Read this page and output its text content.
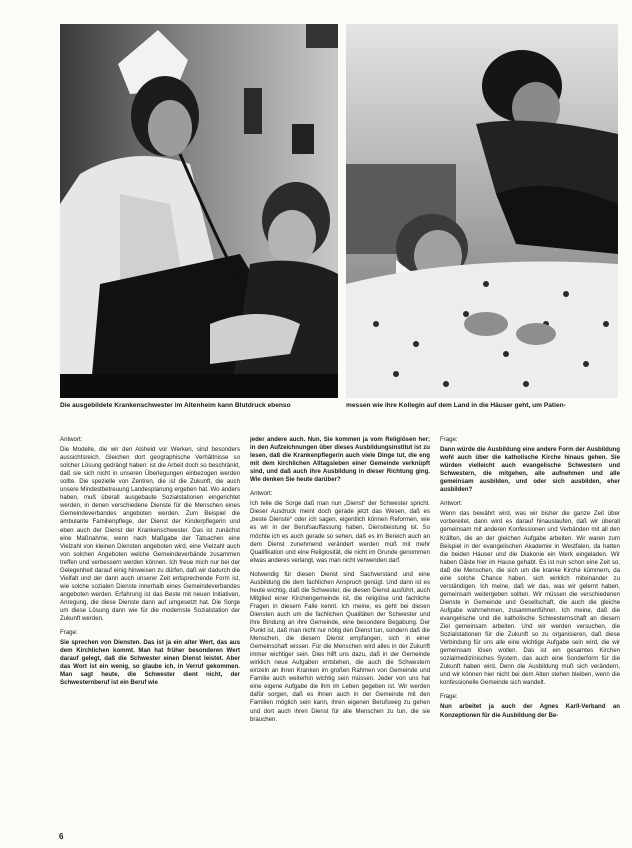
Die ausgebildete Krankenschwester im Altenheim kann Blutdruck ebenso	messen wie ihre Kollegin auf dem Land in die Häuser geht, um Patien-
Antwort:
Die Modelle, die wir den Alsheid vor Werken, sind besonders aussichtsreich. Gleichen dort geographische Verhältnisse so solcher Lösung gedrängt haben: ist die Arbeit doch so beschränkt, daß sie sich nicht in unseren Überlegungen einbezogen werden sollte. Die spezielle von Zentren, die ist die Zukunft, die auch unsere Mindestbetreuung Landesplanung ergeben hat. Wo anders haben, muß überall ausgebaute Sozialstationen eingerichtet werden, in denen verschiedene Dienste für die Menschen eines Gemeindeverbandes angeboten werden. Zum Beispiel die ambulante Familienpflege, der Dienst der Kinderpflegerin und eben auch der Dienst der Krankenschwester. Das ist zunächst eine Maßnahme, wenn nach Maßgabe der Tatsachen eine Vielzahl von kleinen Diensten angeboten wird, eine Vielzahl auch von solchen Angeboten welche Gemeindeverbände zusammen treffen und verbessern werden können. Ich freue mich nur bei der Gelegenheit darauf einig hinweisen zu dürfen, daß wir dadurch die Vielfalt und der dann auch unserer Zeit entsprechende Form ist, wie solche sozialen Dienste innerhalb eines Gemeindeverbandes angeboten werden. Erfahrung ist das Beste mit neuen Initiativen, Anregung, die diese Dienste dann auf umgesetzt hat. Die Sorge um diese Lösung dann wie für die modernste Sozialstation der Zukunft werden.
Frage:
Sie sprechen von Diensten. Das ist ja ein alter Wert, das aus dem Kirchlichen kommt. Man hat früher besonderen Wert darauf gelegt, daß die Schwester einen Dienst leistet. Aber das Wort ist ein wenig, so glaube ich, in Verruf gekommen. Man sagt heute, die Schwester dient nicht, der Schwesternberuf ist ein Beruf wie
jeder andere auch. Nun, Sie kommen ja vom Religiösen her; in den Aufzeichnungen über dieses Ausbildungsinstitut ist zu lesen, daß die Krankenpflegerin auch viele Dinge tut, die eng mit dem kirchlichen Alltagsleben einer Gemeinde verknüpft sind, und daß auch ihre Ausbildung in dieser Richtung ging. Wie denken Sie heute darüber?
Antwort:
Ich teile die Sorge daß man nun „Dienst“ der Schwester spricht. Dieser Ausdruck meint doch gerade jetzt das Wesen, daß es „beste Dienste“ oder ich sagen, eigentlich können Reformen, wie es wir in der Berufsauffassung haben, Dienstleistung ist. So möchte ich es auch gerade so sehen, daß es im Bereich auch an dem Dienst zunehmend verändert werden muß mit mehr Qualifikation und eine Religiosität, die nicht im Grunde genommen etwas anderes verlangt, was man nicht verwenden darf.
Notwendig für diesen Dienst sind Sachverstand und eine Ausbildung die dem fachlichen Anspruch genügt. Und dann ist es heute wichtig, daß die Schwester, die diesen Dienst ausführt, auch Mitglied einer Kirchengemeinde ist, die religiöse und fachliche Fragen in diesem Falle kennt. Ich meine, es geht bei diesen Diensten auch um die fachlichen Qualitäten der Schwester und ihre Bindung an ihre Gemeinde, eine besondere Begabung. Der Punkt ist, daß man nicht nur nötig den Dienst tun, sondern daß die Menschen, die diesem Dienst empfangen, sich in einer Gemeinschaft wissen. Für die Menschen wird alles in der Zukunft immer wichtiger sein. Dies hilft uns dazu, daß in der Gemeinde wirklich neue Aufgaben entstehen, die auch die Schwestern einzeln an ihren Kranken im großen Rahmen von Gemeinde und Familie auch weiterhin wichtig sein müssen. Jeder von uns hat eine eigene Aufgabe die ihm im Leben gegeben ist. Wir werden dafür sorgen, daß es ihnen auch in der Gemeinde mit den Familien möglich sein kann, ihren eigenen Berufsweg zu gehen und dort auch ihren Dienst für alle Menschen zu tun, die sie brauchen.
Frage:
Dann würde die Ausbildung eine andere Form der Ausbildung wohl auch über die katholische Kirche hinaus gehen. Sie würden vielleicht auch evangelische Schwestern und Schwestern, die mitgehen, alle aufnehmen und alle gemeinsam ausbilden, und oder sich ausbilden, eher ausbilden?
Antwort:
Wenn das bewährt wird, was wir bisher die ganze Zeit über vorbereitet, dann wird es darauf hinauslaufen, daß wir überall gemeinsam mit anderen Konfessionen und Verbänden mit all den Kräften, die an der gleichen Aufgabe arbeiten. Wir waren zum Beispiel in der evangelischen Akademie in Westfalen, da hatten die beiden Häuser und die Diakonie ein Werk eingeladen. Wir haben Gäste hier im Hause gehabt. Es ist nun schon eine Zeit so, daß die Menschen, die sich um die kranke Kirche kümmern, da eine solche Chance haben, sich wirklich miteinander zu verständigen. Ich meine, daß wir das, was wir gelernt haben, gemeinsam weitergeben sollten. Wir müssen die verschiedenen Dienste in Gemeinde und Gesellschaft, die auch die gleiche Aufgabe wahrnehmen, zusammenführen. Ich meine, daß die evangelische und die katholische Schwesternschaft an diesem Ziel gemeinsam arbeiten. Und wir werden versuchen, die Sozialstationen für die Zukunft so zu organisieren, daß diese Verbindung für uns alle eine wichtige Aufgabe sein wird, die wir gemeinsam lösen wollen. Das ist ein gesamtes Kirchen sozialmedizinisches System, das auch eine Sonderform für die Zukunft haben wird. Denn die Ausbildung muß sich verändern, und wir können hier nicht bei dem Alten stehen bleiben, wenn die konfessionelle Gemeinde sich wandelt.
Frage:
Nun arbeitet ja auch der Agnes Karll-Verband an Konzeptionen für die Ausbildung der Be-
6
